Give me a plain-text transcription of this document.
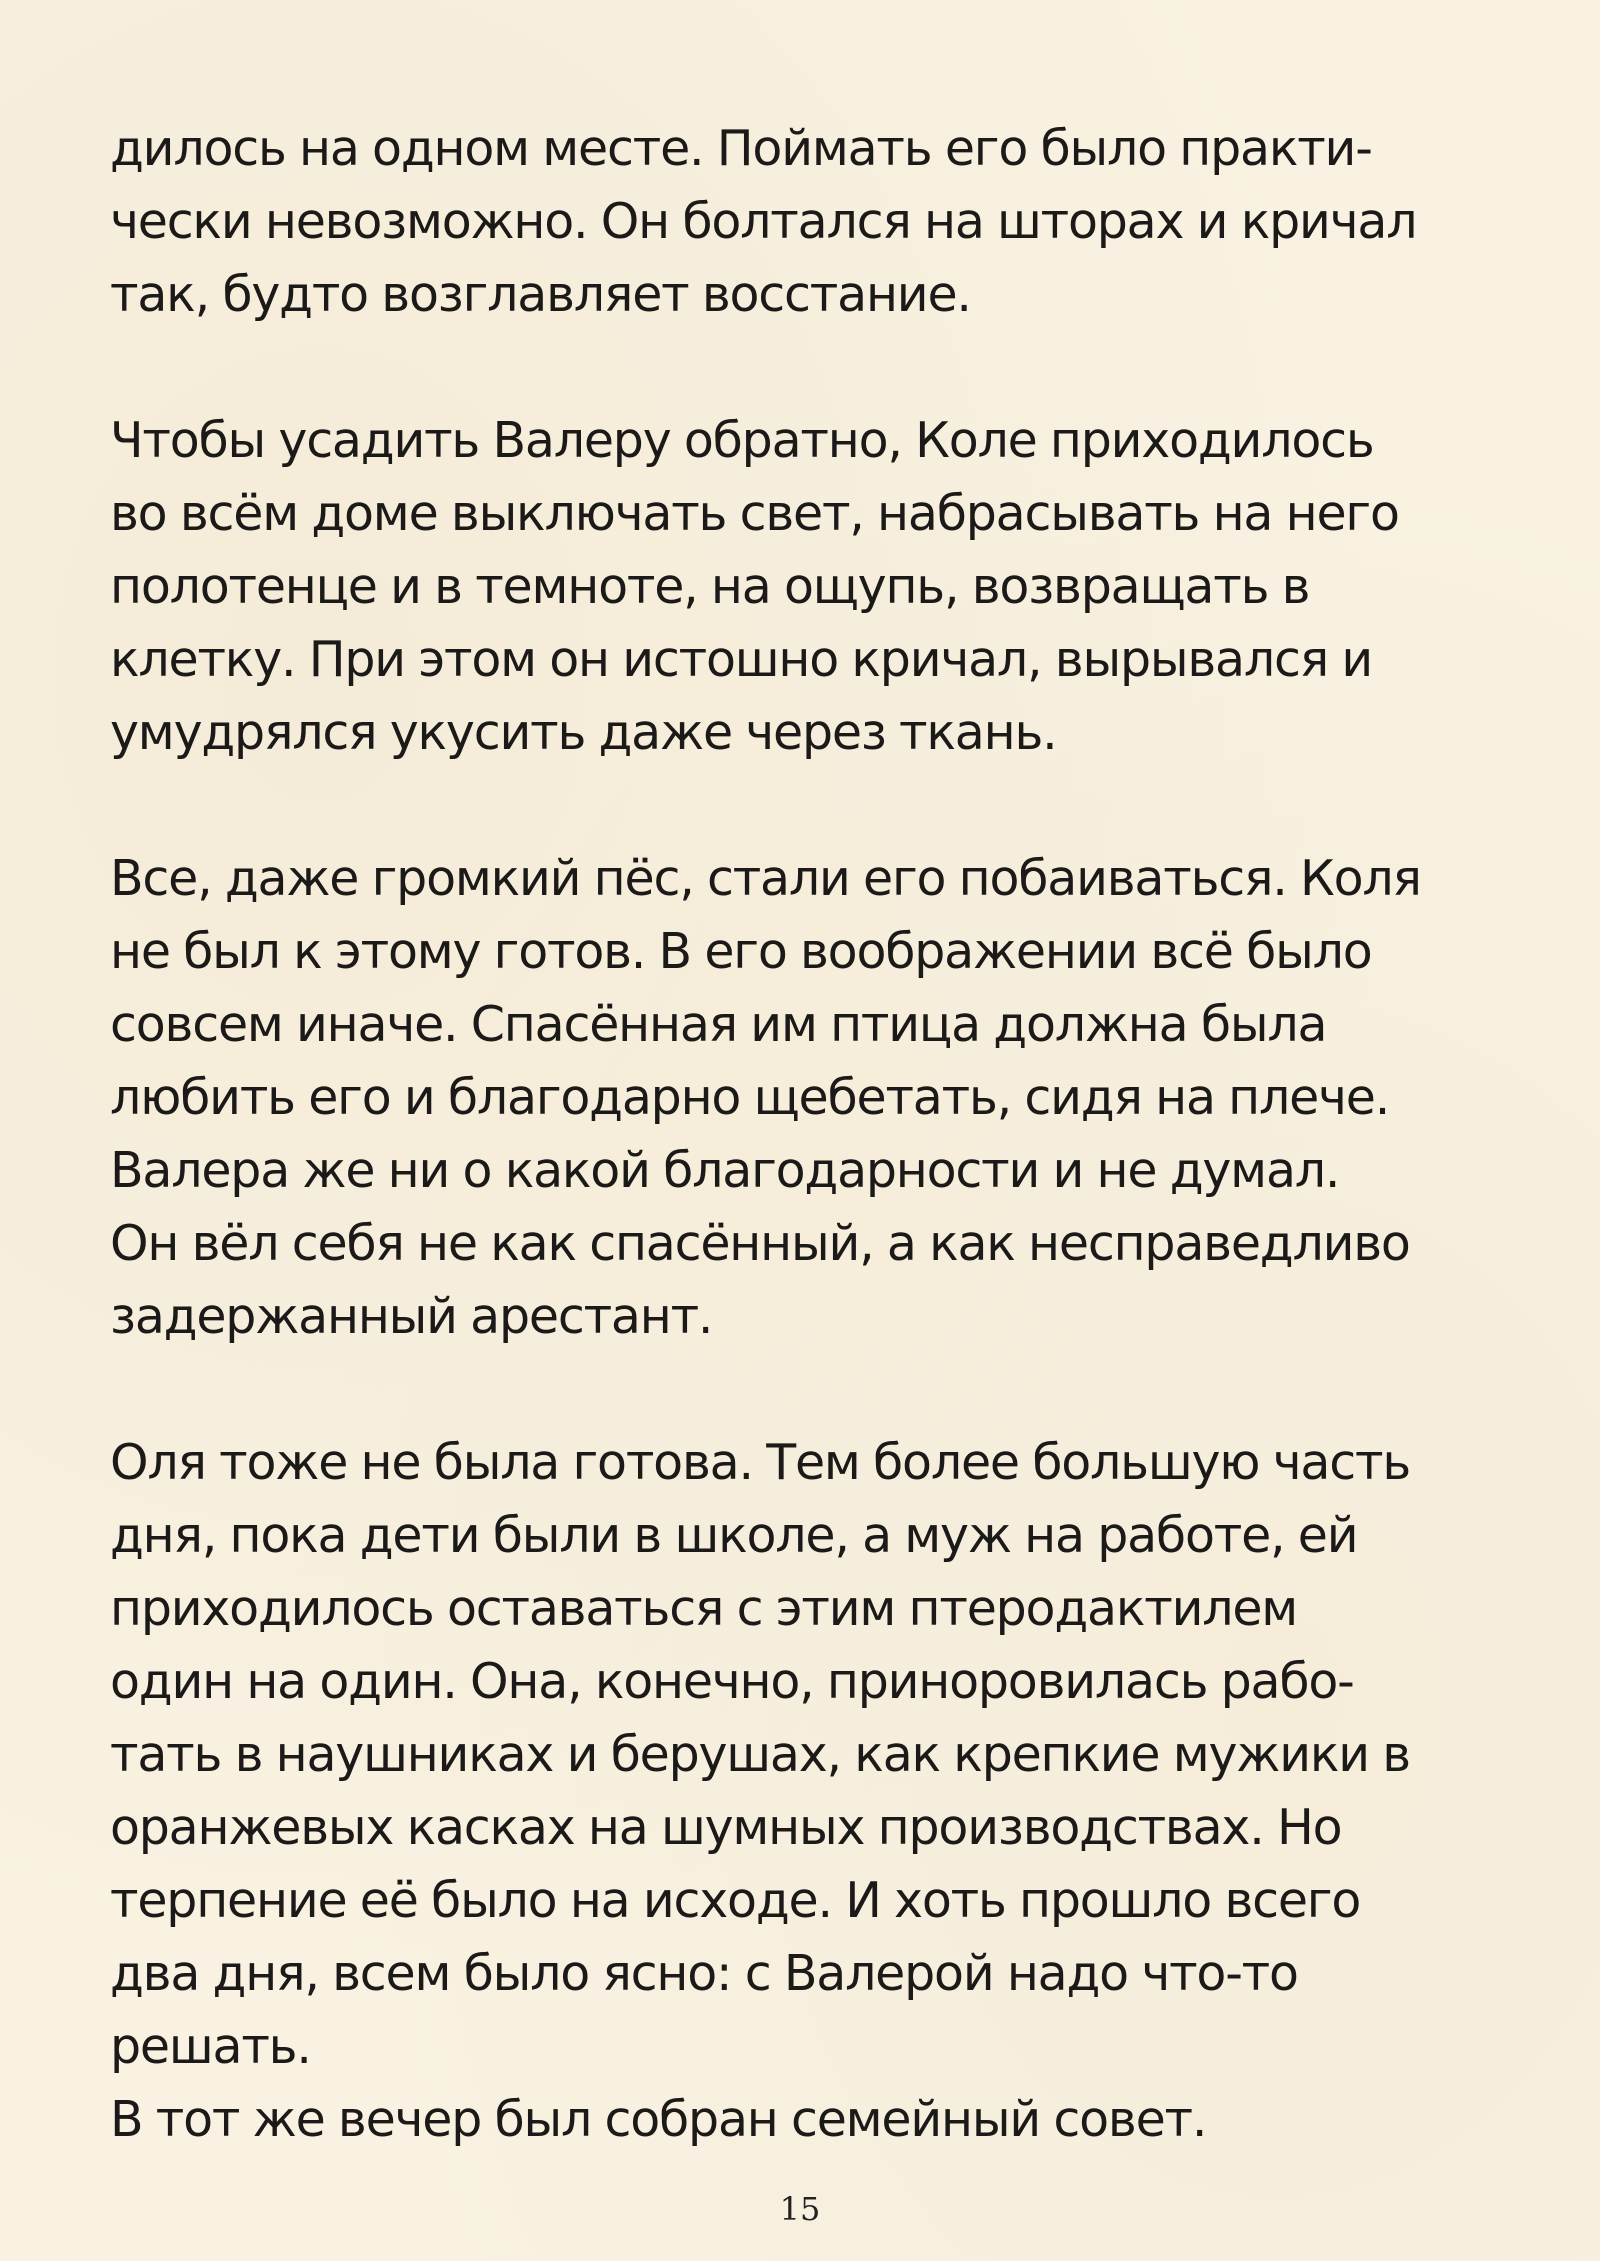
дилось на одном месте. Поймать его было практи-
чески невозможно. Он болтался на шторах и кричал
так, будто возглавляет восстание.
Чтобы усадить Валеру обратно, Коле приходилось
во всём доме выключать свет, набрасывать на него
полотенце и в темноте, на ощупь, возвращать в
клетку. При этом он истошно кричал, вырывался и
умудрялся укусить даже через ткань.
Все, даже громкий пёс, стали его побаиваться. Коля
не был к этому готов. В его воображении всё было
совсем иначе. Спасённая им птица должна была
любить его и благодарно щебетать, сидя на плече.
Валера же ни о какой благодарности и не думал.
Он вёл себя не как спасённый, а как несправедливо
задержанный арестант.
Оля тоже не была готова. Тем более большую часть
дня, пока дети были в школе, а муж на работе, ей
приходилось оставаться с этим птеродактилем
один на один. Она, конечно, приноровилась рабо-
тать в наушниках и берушах, как крепкие мужики в
оранжевых касках на шумных производствах. Но
терпение её было на исходе. И хоть прошло всего
два дня, всем было ясно: с Валерой надо что-то
решать.
В тот же вечер был собран семейный совет.
15
